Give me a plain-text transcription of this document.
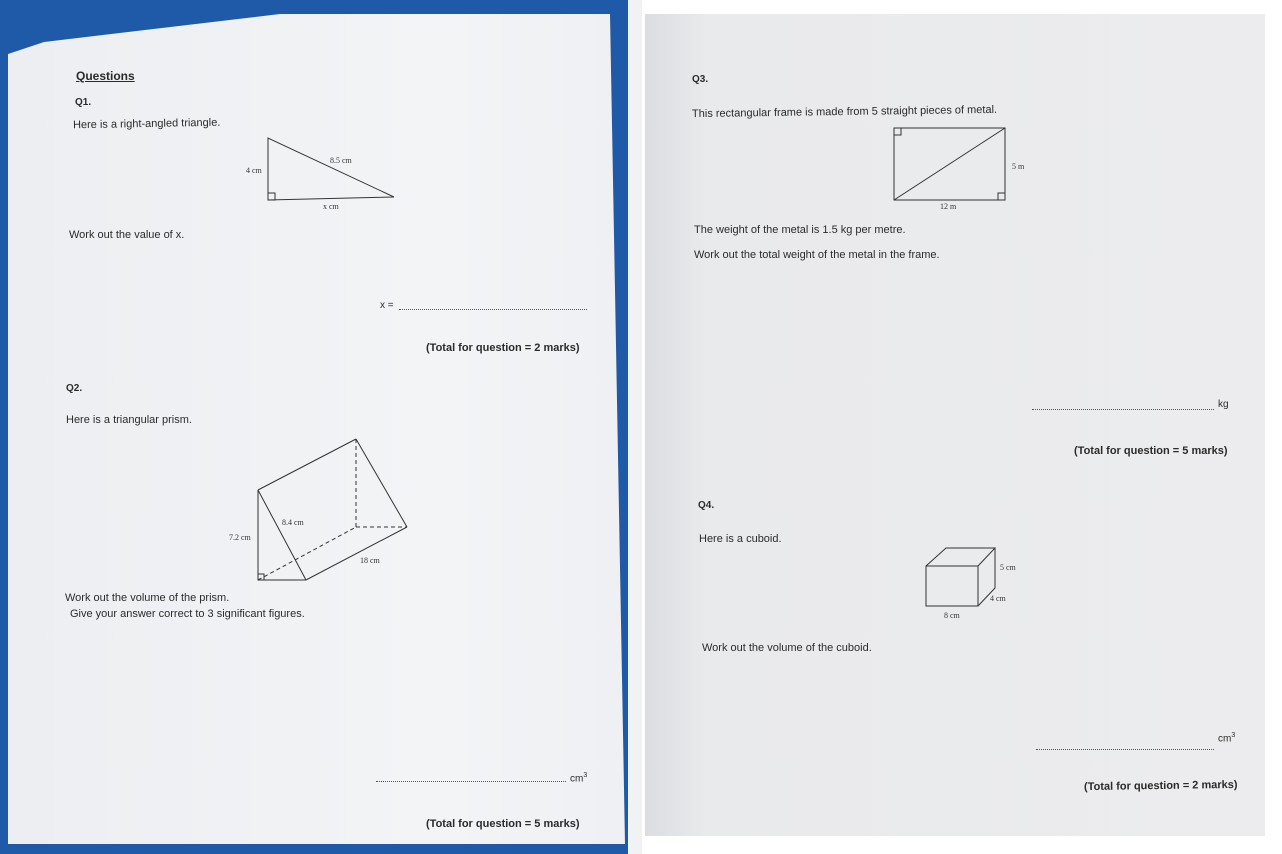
Questions

Q1.

Here is a right-angled triangle.

4 cm

8.5 cm

x cm

Work out the value of x.

x =

(Total for question = 2 marks)

Q2.

Here is a triangular prism.

7.2 cm

8.4 cm

18 cm

Work out the volume of the prism.

Give your answer correct to 3 significant figures.

$cm^3$

(Total for question = 5 marks)

Q3.

This rectangular frame is made from 5 straight pieces of metal.

5 m

12 m

The weight of the metal is 1.5 kg per metre.

Work out the total weight of the metal in the frame.

kg

(Total for question = 5 marks)

Q4.

Here is a cuboid.

5 cm

4 cm

8 cm

Work out the volume of the cuboid.

$cm^3$

(Total for question = 2 marks)
